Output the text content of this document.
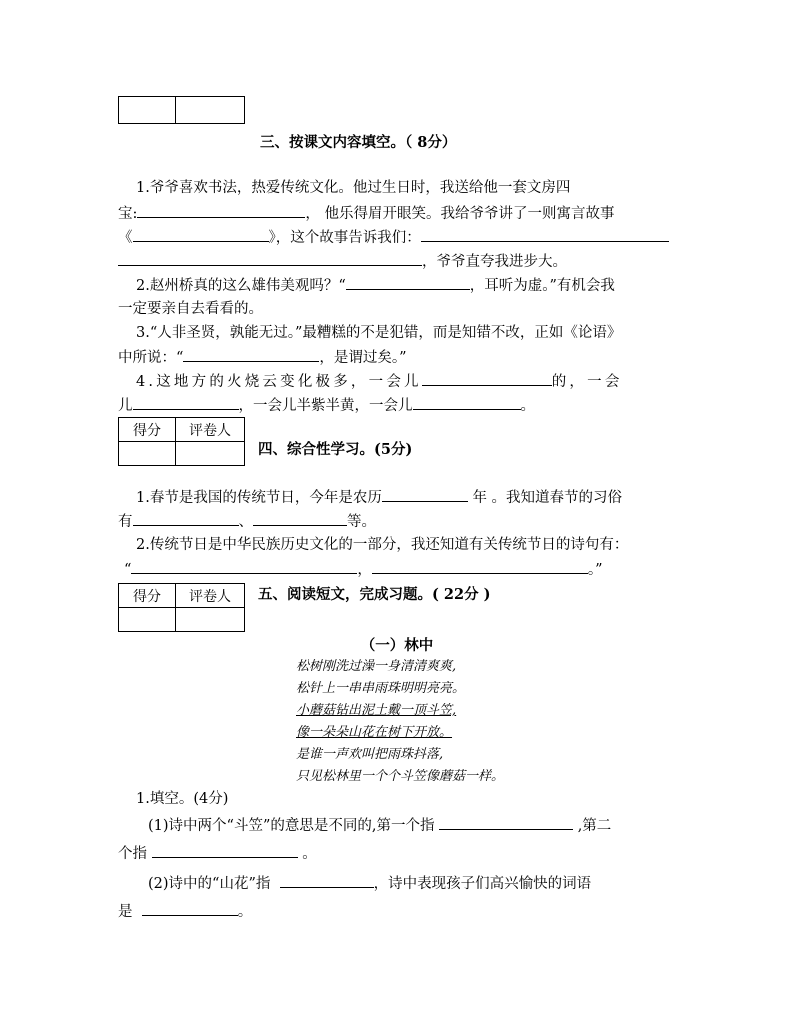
三、按课文内容填空。（ 8分）
1.爷爷喜欢书法，热爱传统文化。他过生日时，我送给他一套文房四
宝:	， 他乐得眉开眼笑。我给爷爷讲了一则寓言故事
《	》，这个故事告诉我们：
，爷爷直夸我进步大。
2.赵州桥真的这么雄伟美观吗？“	，耳听为虚。”有机会我
一定要亲自去看看的。
3.“人非圣贤，孰能无过。”最糟糕的不是犯错，而是知错不改，正如《论语》
中所说：“	，是谓过矣。”
4.这地方的火烧云变化极多，一会儿	的，一会
儿	，一会儿半紫半黄，一会儿	。
得分	评卷人

四、综合性学习。(5分)
1.春节是我国的传统节日，今年是农历	年 。我知道春节的习俗
有	、	等。
2.传统节日是中华民族历史文化的一部分，我还知道有关传统节日的诗句有：
“	，	。”
得分	评卷人
	五、阅读短文，完成习题。( 22分 )
（一）林中
松树刚洗过澡一身清清爽爽,
松针上一串串雨珠明明亮亮。
小蘑菇钻出泥土戴一顶斗笠,
像一朵朵山花在树下开放。
是谁一声欢叫把雨珠抖落,
只见松林里一个个斗笠像蘑菇一样。
1.填空。(4分)
(1)诗中两个“斗笠”的意思是不同的,第一个指	,第二
个指	。
(2)诗中的“山花”指	，诗中表现孩子们高兴愉快的词语
是	。
